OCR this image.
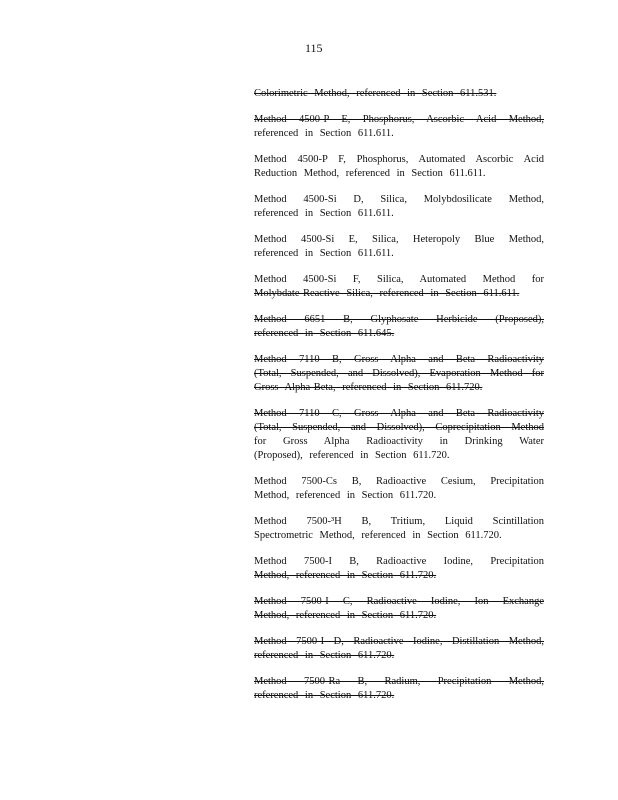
115
Colorimetric Method, referenced in Section 611.531.
Method 4500-P E, Phosphorus, Ascorbic Acid Method,
referenced in Section 611.611.
Method 4500-P F, Phosphorus, Automated Ascorbic Acid
Reduction Method, referenced in Section 611.611.
Method 4500-Si D, Silica, Molybdosilicate Method,
referenced in Section 611.611.
Method 4500-Si E, Silica, Heteropoly Blue Method,
referenced in Section 611.611.
Method 4500-Si F, Silica, Automated Method for
Molybdate-Reactive Silica, referenced in Section 611.611.
Method 6651 B, Glyphosate Herbicide (Proposed),
referenced in Section 611.645.
Method 7110 B, Gross Alpha and Beta Radioactivity
(Total, Suspended, and Dissolved), Evaporation Method for
Gross Alpha-Beta, referenced in Section 611.720.
Method 7110 C, Gross Alpha and Beta Radioactivity
(Total, Suspended, and Dissolved), Coprecipitation Method
for Gross Alpha Radioactivity in Drinking Water
(Proposed), referenced in Section 611.720.
Method 7500-Cs B, Radioactive Cesium, Precipitation
Method, referenced in Section 611.720.
Method 7500-³H B, Tritium, Liquid Scintillation
Spectrometric Method, referenced in Section 611.720.
Method 7500-I B, Radioactive Iodine, Precipitation
Method, referenced in Section 611.720.
Method 7500-I C, Radioactive Iodine, Ion Exchange
Method, referenced in Section 611.720.
Method 7500-I D, Radioactive Iodine, Distillation Method,
referenced in Section 611.720.
Method 7500-Ra B, Radium, Precipitation Method,
referenced in Section 611.720.
